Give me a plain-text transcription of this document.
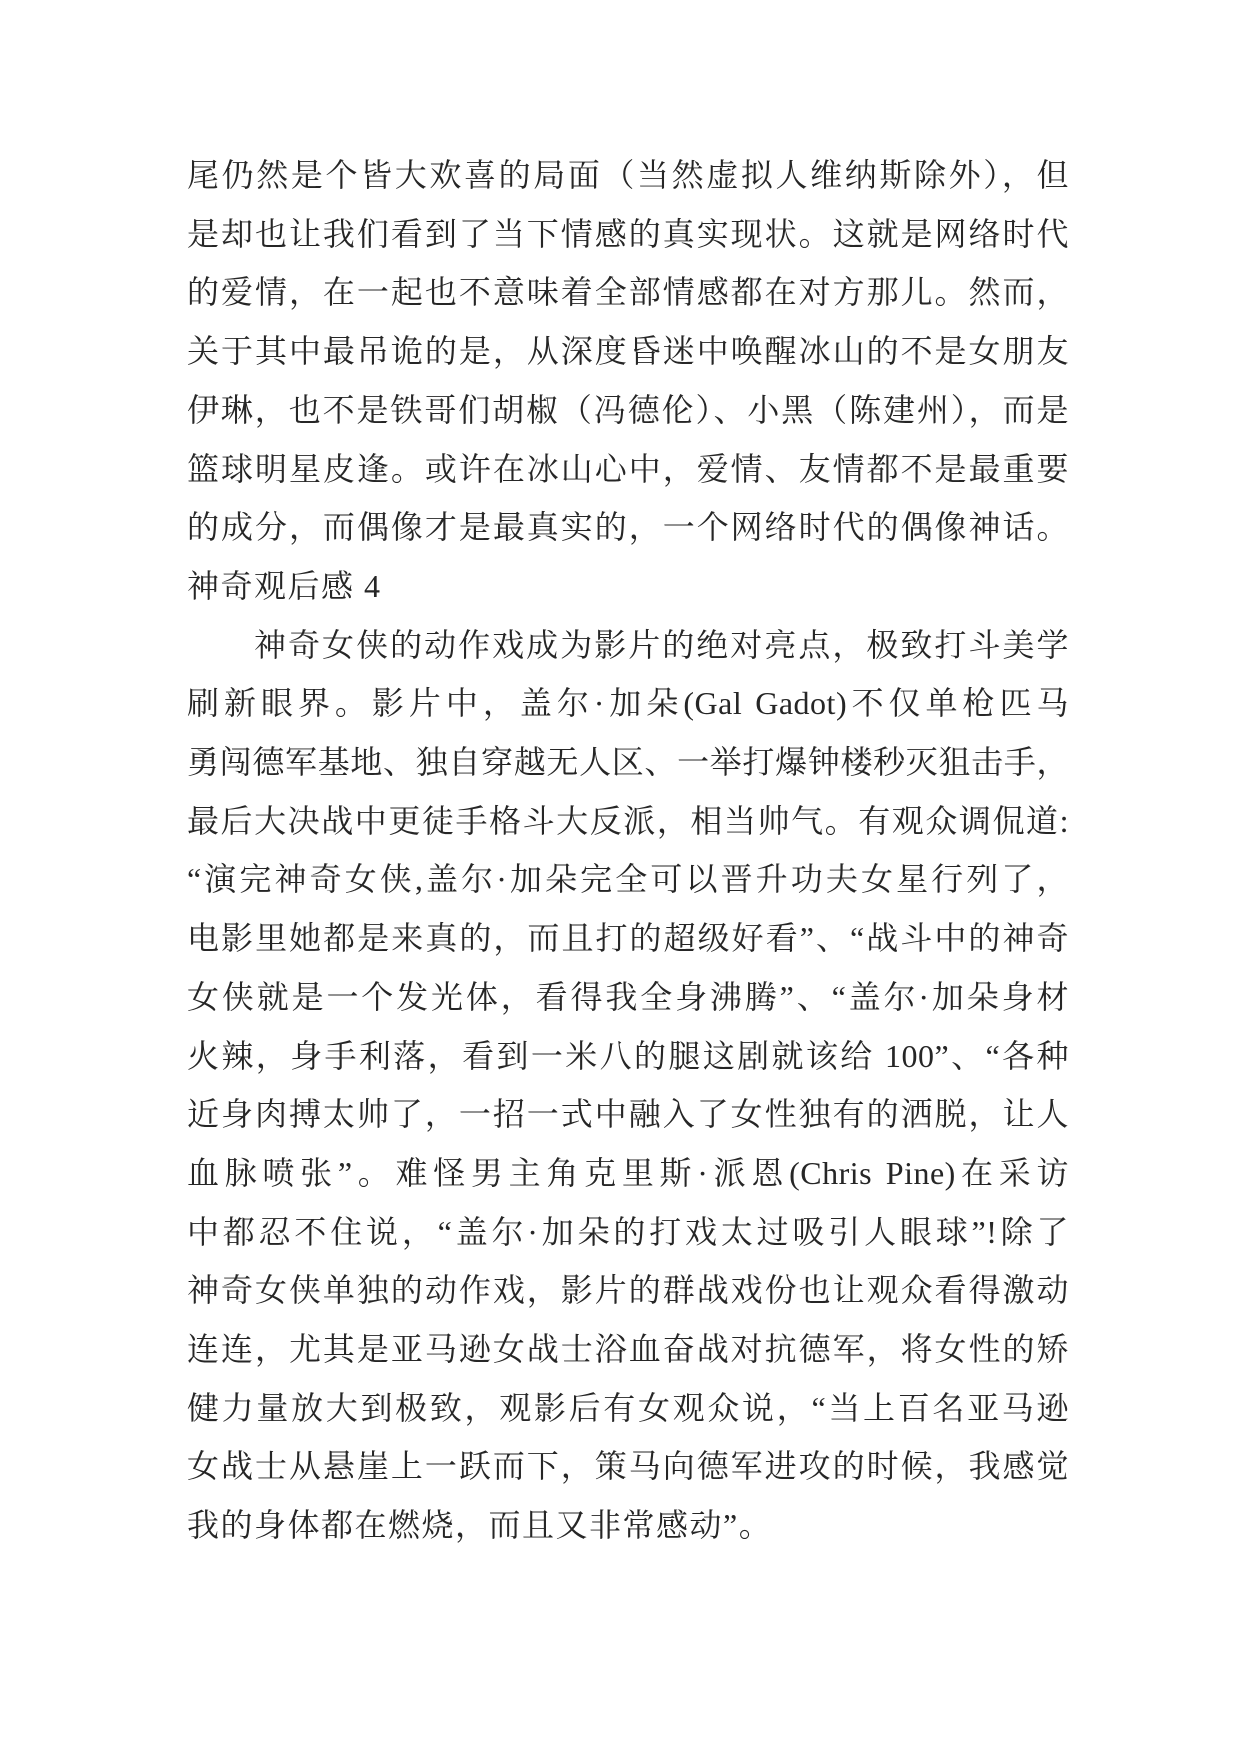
尾仍然是个皆大欢喜的局面（当然虚拟人维纳斯除外），但
是却也让我们看到了当下情感的真实现状。这就是网络时代
的爱情，在一起也不意味着全部情感都在对方那儿。然而，
关于其中最吊诡的是，从深度昏迷中唤醒冰山的不是女朋友
伊琳，也不是铁哥们胡椒（冯德伦）、小黑（陈建州），而是
篮球明星皮逢。或许在冰山心中，爱情、友情都不是最重要
的成分，而偶像才是最真实的，一个网络时代的偶像神话。
神奇观后感 4
神奇女侠的动作戏成为影片的绝对亮点，极致打斗美学
刷新眼界。影片中，盖尔·加朵(Gal Gadot)不仅单枪匹马
勇闯德军基地、独自穿越无人区、一举打爆钟楼秒灭狙击手，
最后大决战中更徒手格斗大反派，相当帅气。有观众调侃道:
“演完神奇女侠,盖尔·加朵完全可以晋升功夫女星行列了，
电影里她都是来真的，而且打的超级好看”、“战斗中的神奇
女侠就是一个发光体，看得我全身沸腾”、“盖尔·加朵身材
火辣，身手利落，看到一米八的腿这剧就该给 100”、“各种
近身肉搏太帅了，一招一式中融入了女性独有的洒脱，让人
血脉喷张”。难怪男主角克里斯·派恩(Chris Pine)在采访
中都忍不住说，“盖尔·加朵的打戏太过吸引人眼球”!除了
神奇女侠单独的动作戏，影片的群战戏份也让观众看得激动
连连，尤其是亚马逊女战士浴血奋战对抗德军，将女性的矫
健力量放大到极致，观影后有女观众说，“当上百名亚马逊
女战士从悬崖上一跃而下，策马向德军进攻的时候，我感觉
我的身体都在燃烧，而且又非常感动”。
